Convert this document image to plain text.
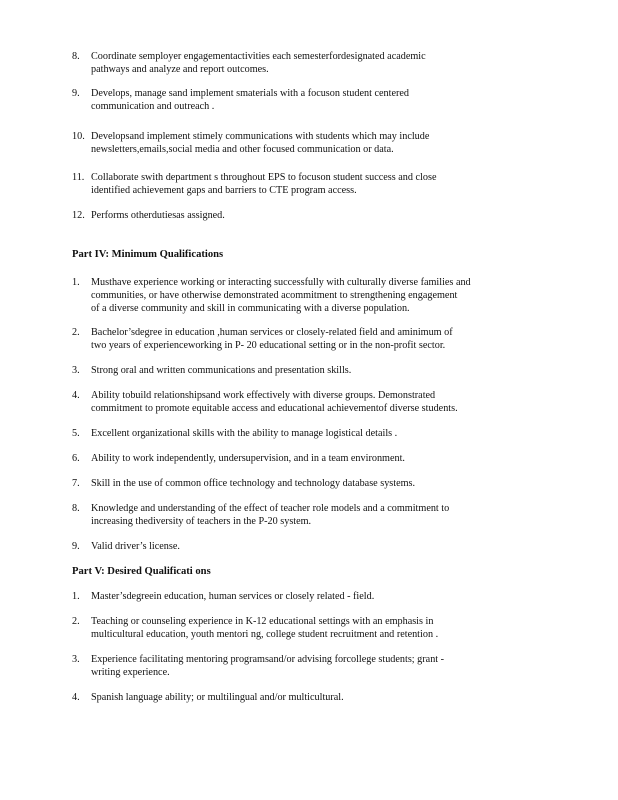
8.	Coordinate semployer engagementactivities each semesterfordesignated academic
pathways and analyze and report outcomes.
9.	Develops, manage sand implement smaterials with a focuson student centered
communication and outreach .
10. Developsand implement stimely communications with students which may include
newsletters,emails,social media and other focused communication or data.
11. Collaborate swith department s throughout EPS to focuson student success and close
identified achievement gaps and barriers to CTE program access.
12. Performs otherdutiesas assigned.
Part IV: Minimum Qualifications
1.	Musthave experience working or interacting successfully with culturally diverse families and
communities, or have otherwise demonstrated acommitment to strengthening engagement
of a diverse community and skill in communicating with a diverse population.
2.	Bachelor’sdegree in education ,human services or closely-related field and aminimum of
two years of experienceworking in P- 20 educational setting or in the non-profit sector.
3.	Strong oral and written communications and presentation skills.
4.	Ability tobuild relationshipsand work effectively with diverse groups. Demonstrated
commitment to promote equitable access and educational achievementof diverse students.
5.	Excellent organizational skills with the ability to manage logistical details .
6.	Ability to work independently, undersupervision, and in a team environment.
7.	Skill in the use of common office technology and technology database systems.
8.	Knowledge and understanding of the effect of teacher role models and a commitment to
increasing thediversity of teachers in the P-20 system.
9.	Valid driver’s license.
Part V: Desired Qualificati ons
1.	Master’sdegreein education, human services or closely related - field.
2.	Teaching or counseling experience in K-12 educational settings with an emphasis in
multicultural education, youth mentori ng, college student recruitment and retention .
3.	Experience facilitating mentoring programsand/or advising forcollege students; grant -
writing experience.
4.	Spanish language ability; or multilingual and/or multicultural.
